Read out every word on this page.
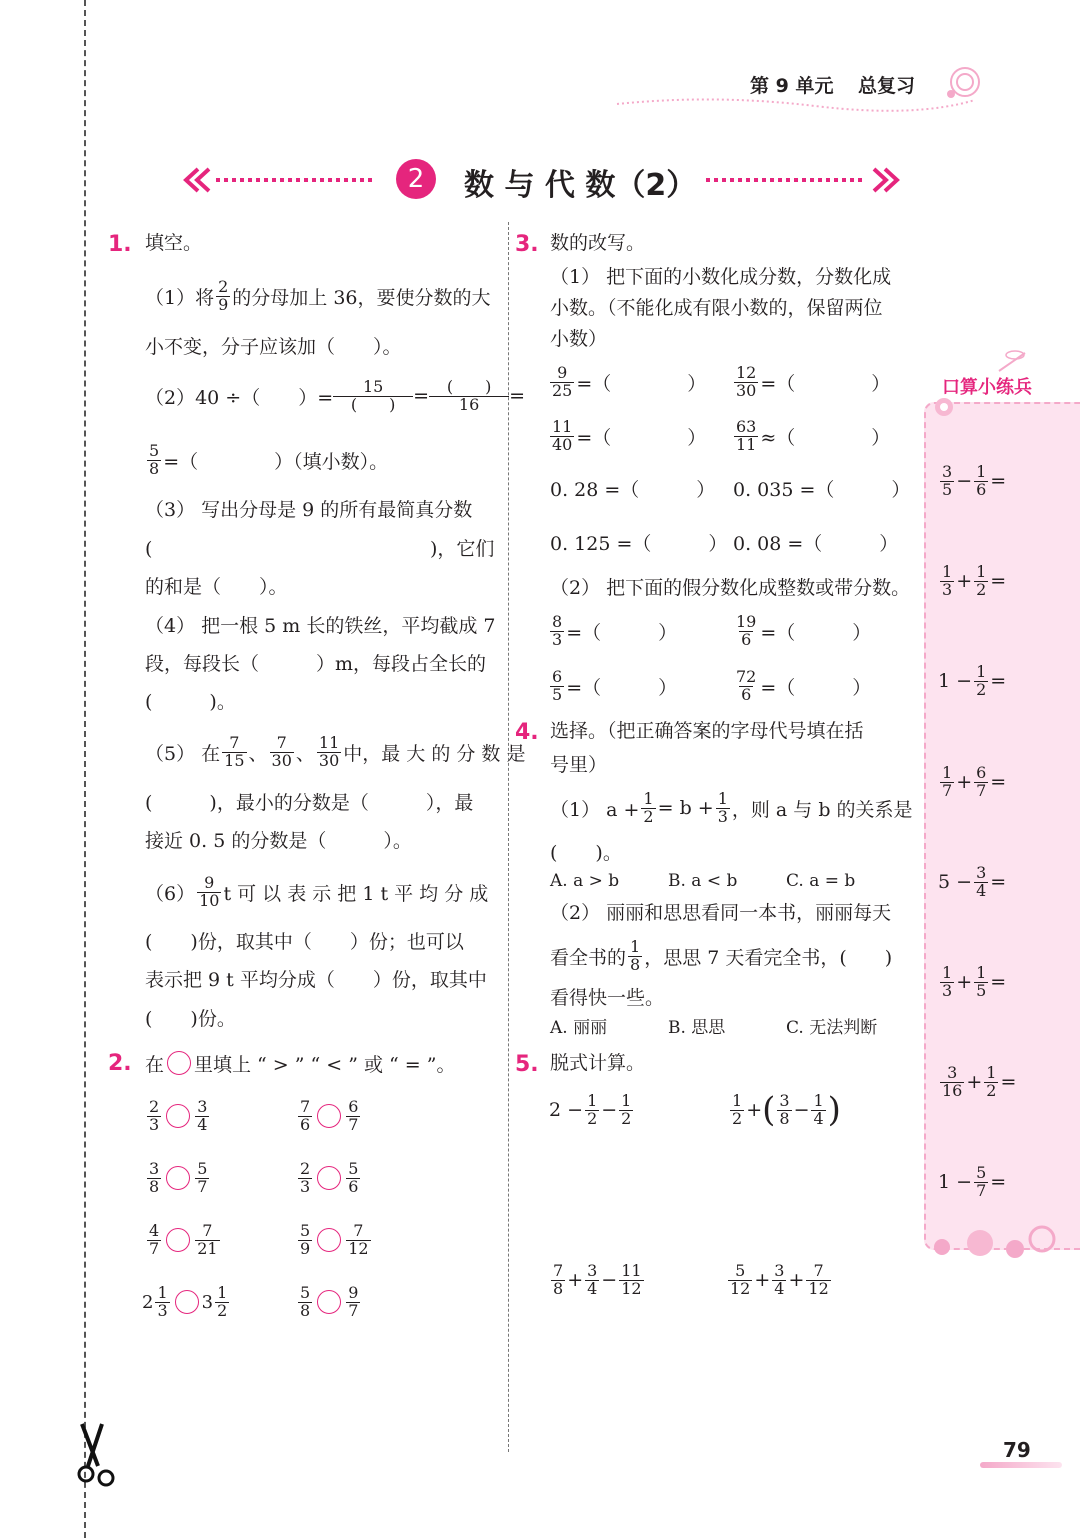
第 9 单元 总复习
2 数 与 代 数（2）
1. 填空。
（1）将 $\frac{2}{9}$ 的分母加上 36，要使分数的大
小不变，分子应该加（　　）。
（2）40 ÷（　　）= $\frac{15}{( )} = \frac{( )}{16}$ =
$\frac{5}{8}$ =（　　　　）（填小数）。
（3） 写出分母是 9 的所有最简真分数
(	)，它们
的和是（　　）。
（4） 把一根 5 m 长的铁丝，平均截成 7
段，每段长（　　　）m，每段占全长的
(　　　)。
（5） 在 $\frac{7}{15}$ 、 $\frac{7}{30}$ 、 $\frac{11}{30}$ 中，最 大 的 分 数 是
(　　　)，最小的分数是（　　　），最
接近 0. 5 的分数是（　　　）。
$(6) \frac{9}{10}$ t 可 以 表 示 把 1 t 平 均 分 成
(　　)份，取其中（　　）份；也可以
表示把 9 t 平均分成（　　）份，取其中
(　　)份。
2. 在 里填上 “ > ” “ < ” 或 “ = ”。
$\frac{2}{3} \frac{3}{4}$	$\frac{7}{6} \frac{6}{7}$
$\frac{3}{8} \frac{5}{7}$	$\frac{2}{3} \frac{5}{6}$
$\frac{4}{7} \frac{7}{21}$	$\frac{5}{9} \frac{7}{12}$
$2 \frac{1}{3} 3 \frac{1}{2}$	$\frac{5}{8} \frac{9}{7}$
3. 数的改写。
（1） 把下面的小数化成分数，分数化成
小数。（不能化成有限小数的，保留两位
小数）
$\frac{9}{25}$ =（　　　　） $\frac{12}{30}$ =（　　　　）
$\frac{11}{40}$ =（　　　　） $\frac{63}{11}$ ≈（　　　　）
0. 28 =（　　　） 0. 035 =（　　　）
0. 125 =（　　　） 0. 08 =（　　　）
（2） 把下面的假分数化成整数或带分数。
$\frac{8}{3}$ =（　　　）	$\frac{19}{6}$ =（　　　）
$\frac{6}{5}$ =（　　　）	$\frac{72}{6}$ =（　　　）
4. 选择。（把正确答案的字母代号填在括
号里）
（1） $a + \frac{1}{2} = b + \frac{1}{3}$ ，则 a 与 b 的关系是
(　　)。
A. a > b	B. a < b	C. a = b
（2） 丽丽和思思看同一本书，丽丽每天
看全书的 $\frac{1}{8}$ ，思思 7 天看完全书，(　　)
看得快一些。
A. 丽丽	B. 思思	C. 无法判断
5. 脱式计算。
$2 - \frac{1}{2} - \frac{1}{2}$	$\frac{1}{2}$ + ( $\frac{3}{8} - \frac{1}{4}$ )
$\frac{7}{8} + \frac{3}{4} - \frac{11}{12}$	$\frac{5}{12} + \frac{3}{4} + \frac{7}{12}$
口算小练兵
$\frac{3}{5} - \frac{1}{6}$ =
$\frac{1}{3} + \frac{1}{2}$ =
$1 - \frac{1}{2}$ =
$\frac{1}{7} + \frac{6}{7}$ =
$5 - \frac{3}{4}$ =
$\frac{1}{3} + \frac{1}{5}$ =
$\frac{3}{16} + \frac{1}{2}$ =
$1 - \frac{5}{7}$ =
79
